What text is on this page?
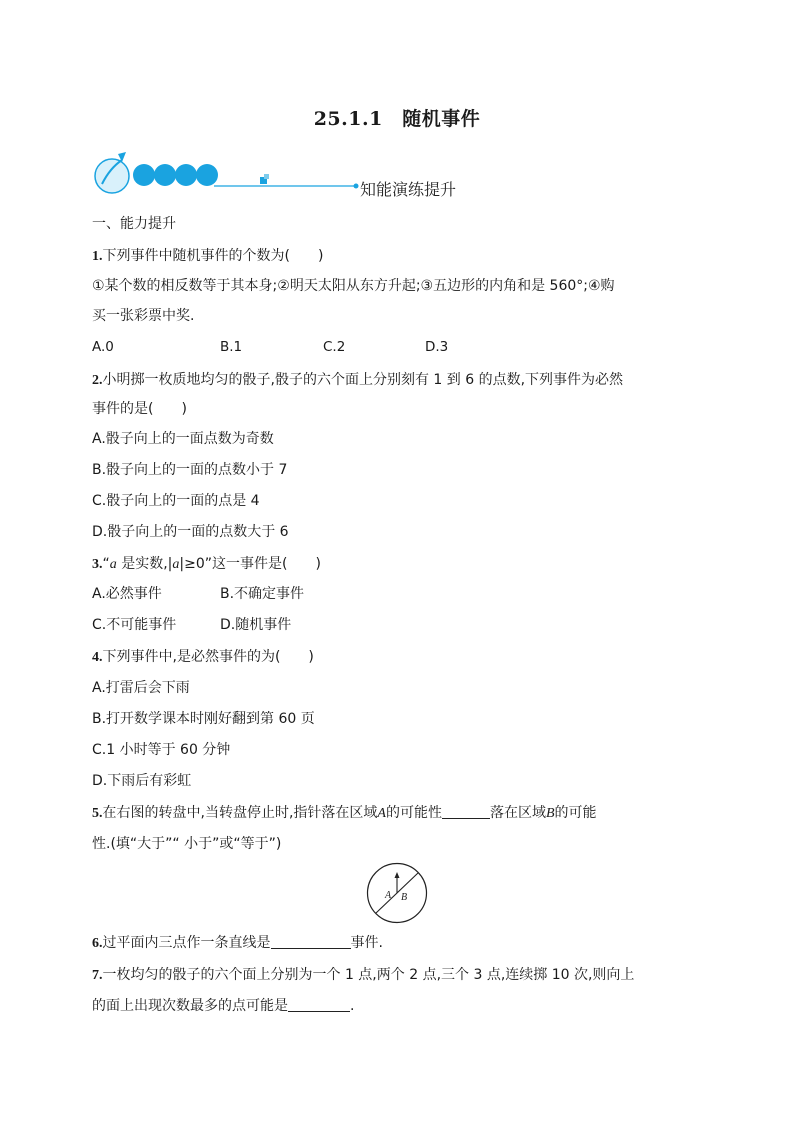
25.1.1　随机事件
知能演练提升
一、能力提升
1.下列事件中随机事件的个数为(　　)
①某个数的相反数等于其本身;②明天太阳从东方升起;③五边形的内角和是 560°;④购
买一张彩票中奖.
A.0	B.1	C.2	D.3
2.小明掷一枚质地均匀的骰子,骰子的六个面上分别刻有 1 到 6 的点数,下列事件为必然
事件的是(　　)
A.骰子向上的一面点数为奇数
B.骰子向上的一面的点数小于 7
C.骰子向上的一面的点是 4
D.骰子向上的一面的点数大于 6
3.“a 是实数,|a|≥0”这一事件是(　　)
A.必然事件	B.不确定事件
C.不可能事件	D.随机事件
4.下列事件中,是必然事件的为(　　)
A.打雷后会下雨
B.打开数学课本时刚好翻到第 60 页
C.1 小时等于 60 分钟
D.下雨后有彩虹
5.在右图的转盘中,当转盘停止时,指针落在区域A的可能性	落在区域B的可能
性.(填“大于”“ 小于”或“等于”)
A B
6.过平面内三点作一条直线是	事件.
7.一枚均匀的骰子的六个面上分别为一个 1 点,两个 2 点,三个 3 点,连续掷 10 次,则向上
的面上出现次数最多的点可能是	.
